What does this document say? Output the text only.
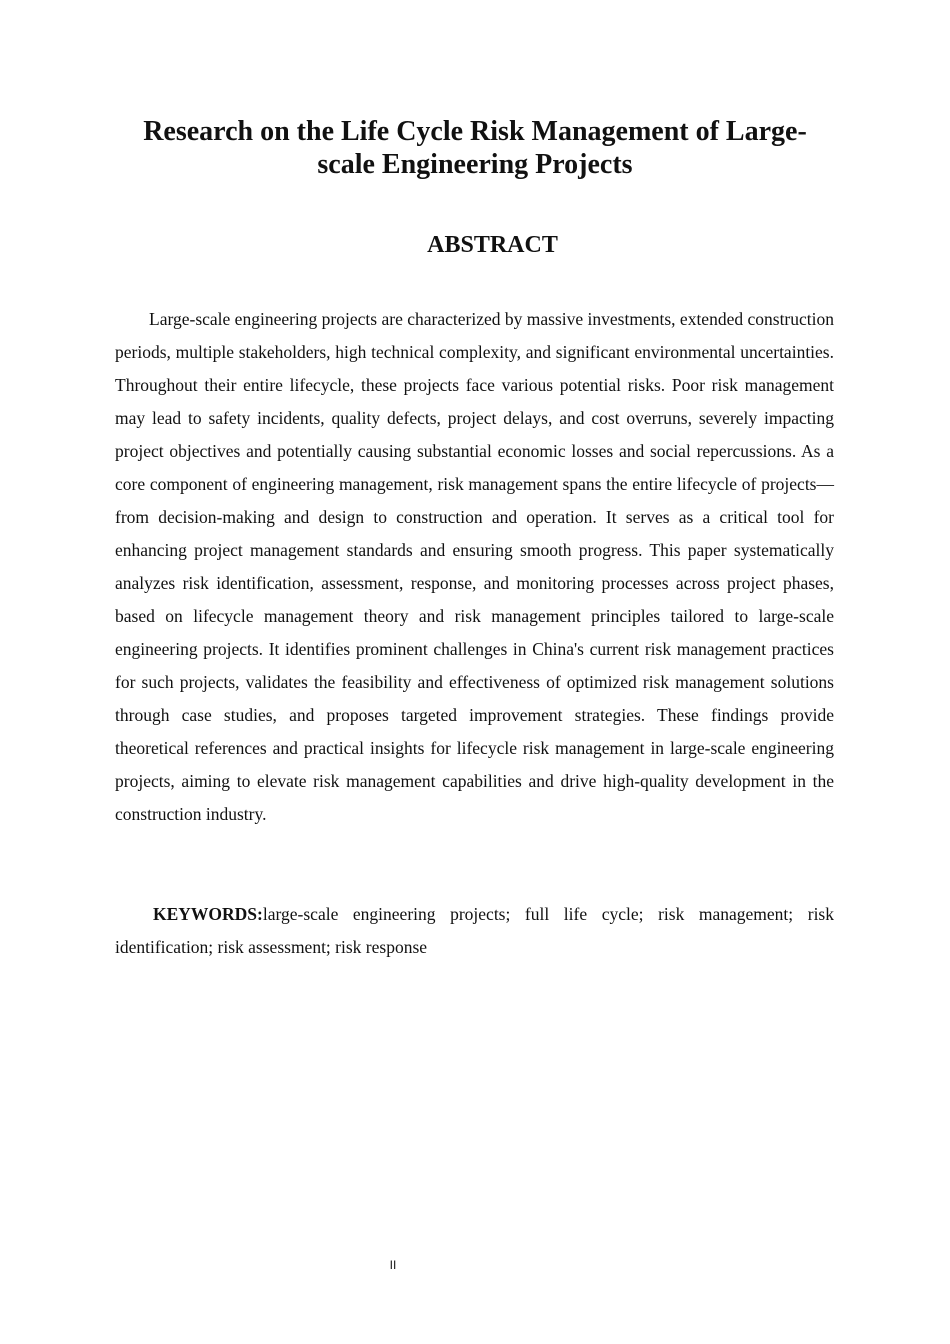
Research on the Life Cycle Risk Management of Large-scale Engineering Projects
ABSTRACT

Large-scale engineering projects are characterized by massive investments, extended construction periods, multiple stakeholders, high technical complexity, and significant environmental uncertainties. Throughout their entire lifecycle, these projects face various potential risks. Poor risk management may lead to safety incidents, quality defects, project delays, and cost overruns, severely impacting project objectives and potentially causing substantial economic losses and social repercussions. As a core component of engineering management, risk management spans the entire lifecycle of projects—from decision-making and design to construction and operation. It serves as a critical tool for enhancing project management standards and ensuring smooth progress. This paper systematically analyzes risk identification, assessment, response, and monitoring processes across project phases, based on lifecycle management theory and risk management principles tailored to large-scale engineering projects. It identifies prominent challenges in China's current risk management practices for such projects, validates the feasibility and effectiveness of optimized risk management solutions through case studies, and proposes targeted improvement strategies. These findings provide theoretical references and practical insights for lifecycle risk management in large-scale engineering projects, aiming to elevate risk management capabilities and drive high-quality development in the construction industry.

KEYWORDS:large-scale engineering projects; full life cycle; risk management; risk identification; risk assessment; risk response

II
